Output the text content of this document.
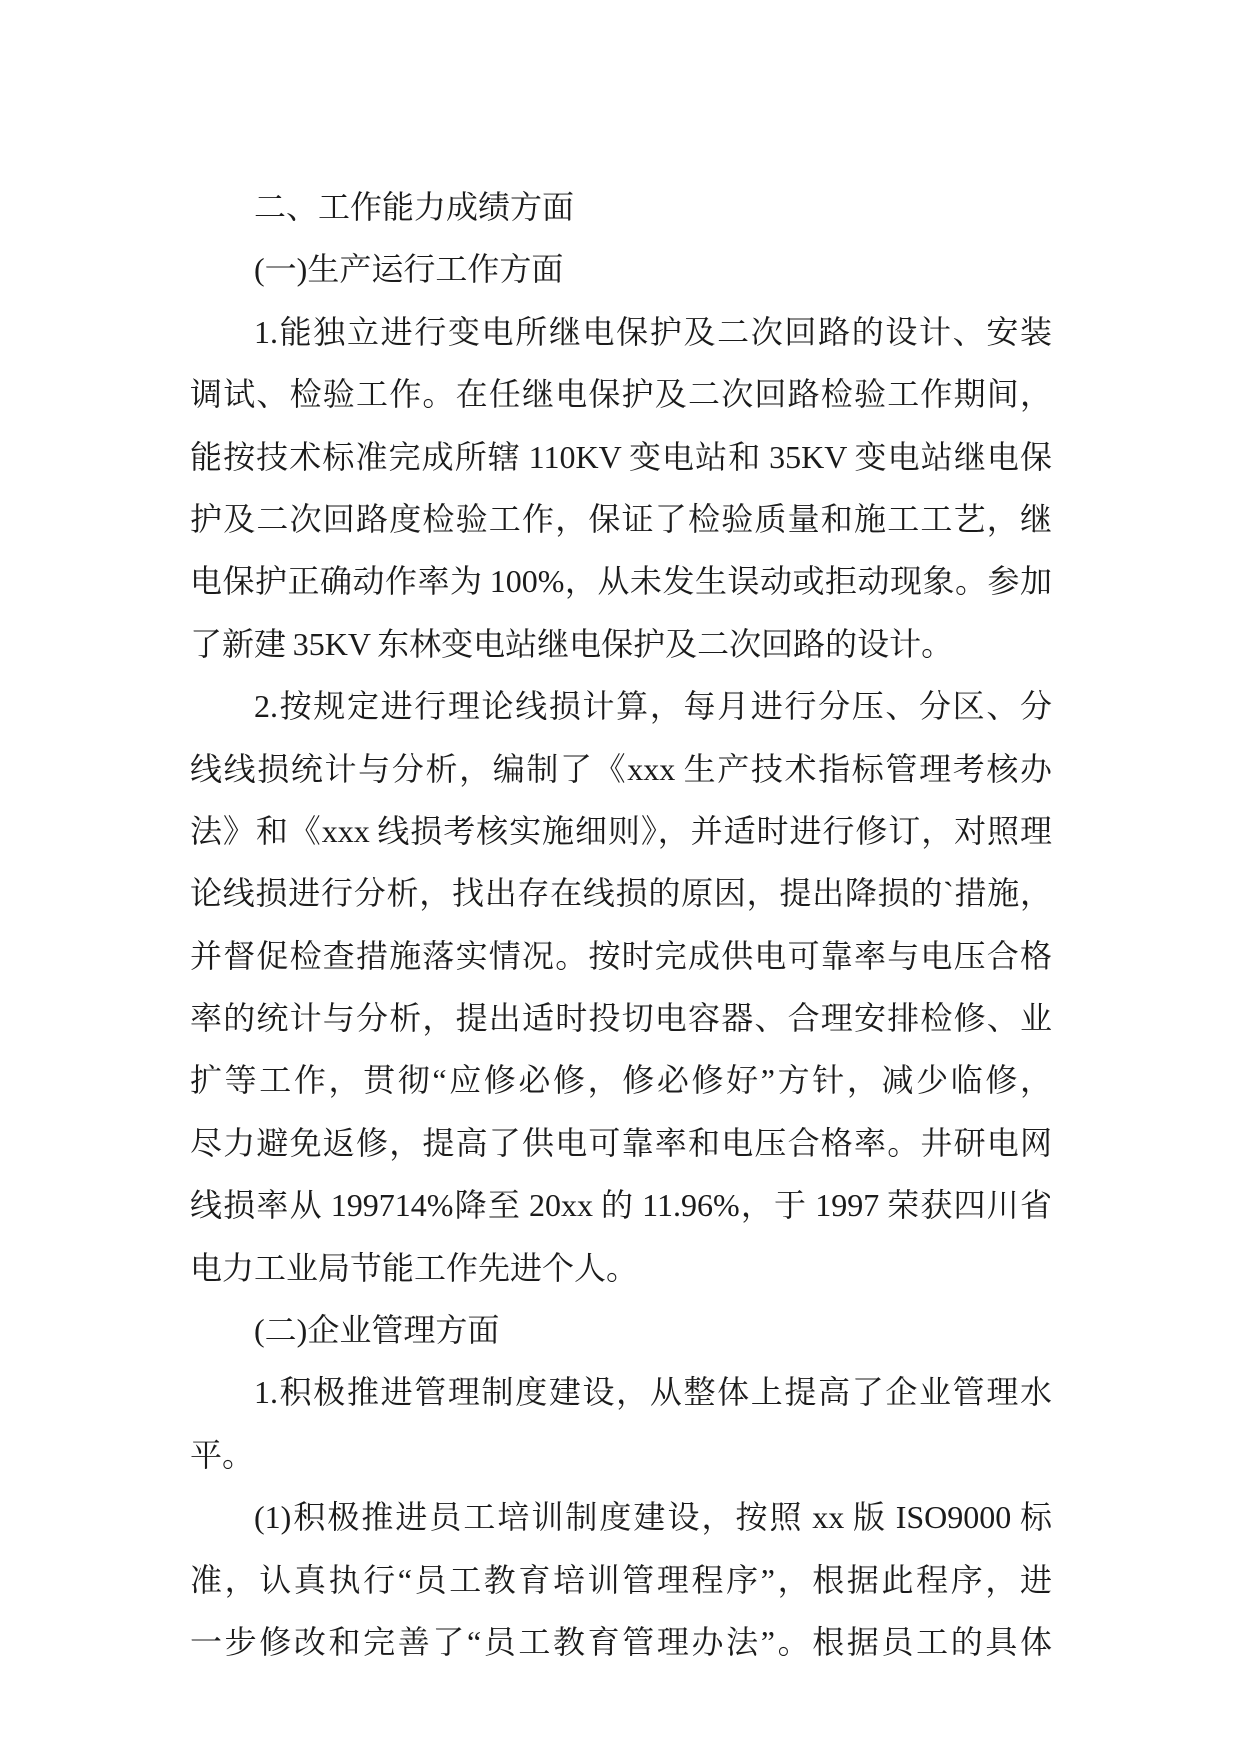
二、工作能力成绩方面
(一)生产运行工作方面
1.能独立进行变电所继电保护及二次回路的设计、安装
调试、检验工作。在任继电保护及二次回路检验工作期间，
能按技术标准完成所辖 110KV 变电站和 35KV 变电站继电保
护及二次回路度检验工作，保证了检验质量和施工工艺，继
电保护正确动作率为 100%，从未发生误动或拒动现象。参加
了新建 35KV 东林变电站继电保护及二次回路的设计。
2.按规定进行理论线损计算，每月进行分压、分区、分
线线损统计与分析，编制了《xxx 生产技术指标管理考核办
法》和《xxx 线损考核实施细则》，并适时进行修订，对照理
论线损进行分析，找出存在线损的原因，提出降损的`措施，
并督促检查措施落实情况。按时完成供电可靠率与电压合格
率的统计与分析，提出适时投切电容器、合理安排检修、业
扩等工作，贯彻“应修必修，修必修好”方针，减少临修，
尽力避免返修，提高了供电可靠率和电压合格率。井研电网
线损率从 199714%降至 20xx 的 11.96%，于 1997 荣获四川省
电力工业局节能工作先进个人。
(二)企业管理方面
1.积极推进管理制度建设，从整体上提高了企业管理水
平。
(1)积极推进员工培训制度建设，按照 xx 版 ISO9000 标
准，认真执行“员工教育培训管理程序”，根据此程序，进
一步修改和完善了“员工教育管理办法”。根据员工的具体
